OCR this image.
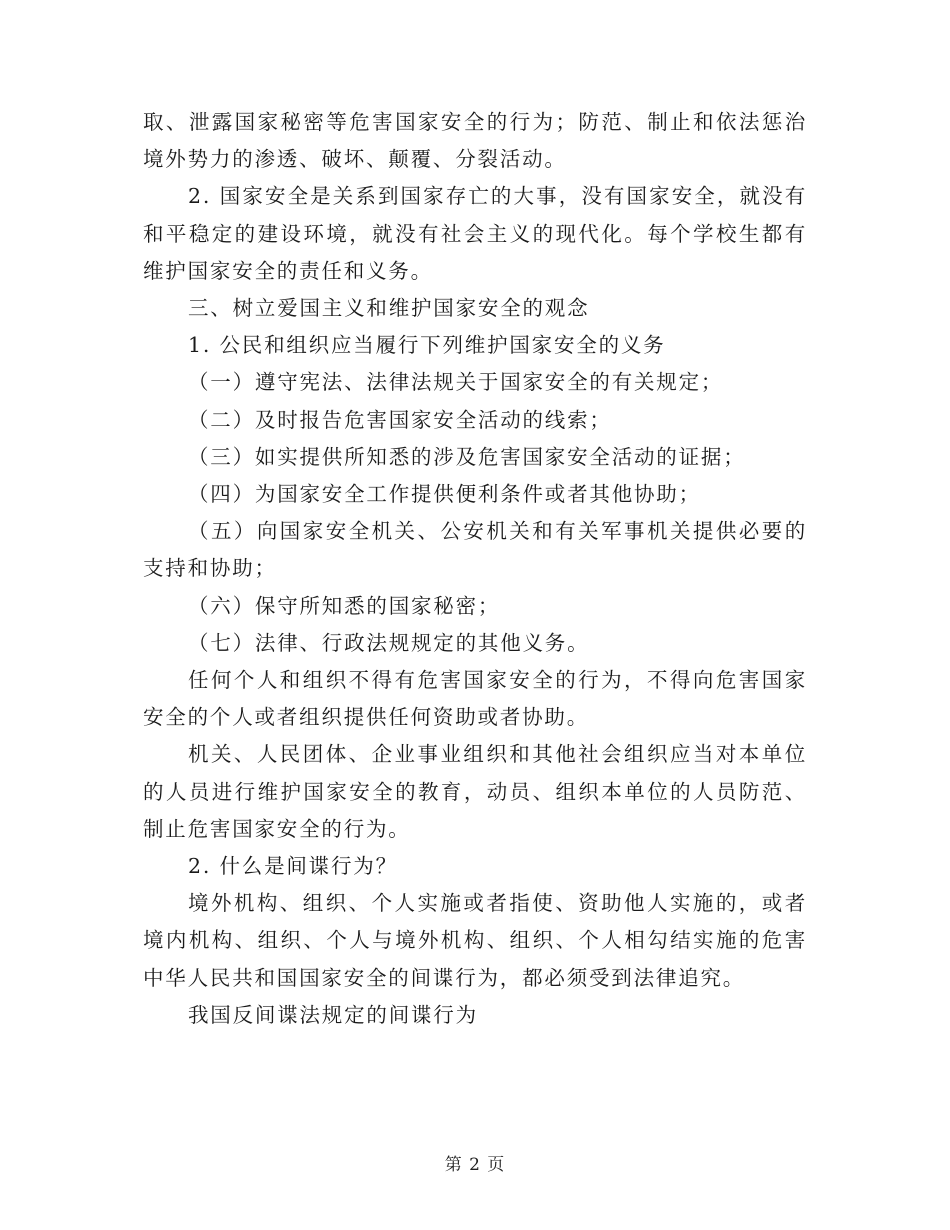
取、泄露国家秘密等危害国家安全的行为；防范、制止和依法惩治境外势力的渗透、破坏、颠覆、分裂活动。

2. 国家安全是关系到国家存亡的大事，没有国家安全，就没有和平稳定的建设环境，就没有社会主义的现代化。每个学校生都有维护国家安全的责任和义务。

三、树立爱国主义和维护国家安全的观念

1. 公民和组织应当履行下列维护国家安全的义务

（一）遵守宪法、法律法规关于国家安全的有关规定；

（二）及时报告危害国家安全活动的线索；

（三）如实提供所知悉的涉及危害国家安全活动的证据；

（四）为国家安全工作提供便利条件或者其他协助；

（五）向国家安全机关、公安机关和有关军事机关提供必要的支持和协助；

（六）保守所知悉的国家秘密；

（七）法律、行政法规规定的其他义务。

任何个人和组织不得有危害国家安全的行为，不得向危害国家安全的个人或者组织提供任何资助或者协助。

机关、人民团体、企业事业组织和其他社会组织应当对本单位的人员进行维护国家安全的教育，动员、组织本单位的人员防范、制止危害国家安全的行为。

2. 什么是间谍行为？

境外机构、组织、个人实施或者指使、资助他人实施的，或者境内机构、组织、个人与境外机构、组织、个人相勾结实施的危害中华人民共和国国家安全的间谍行为，都必须受到法律追究。

我国反间谍法规定的间谍行为

第 2 页
